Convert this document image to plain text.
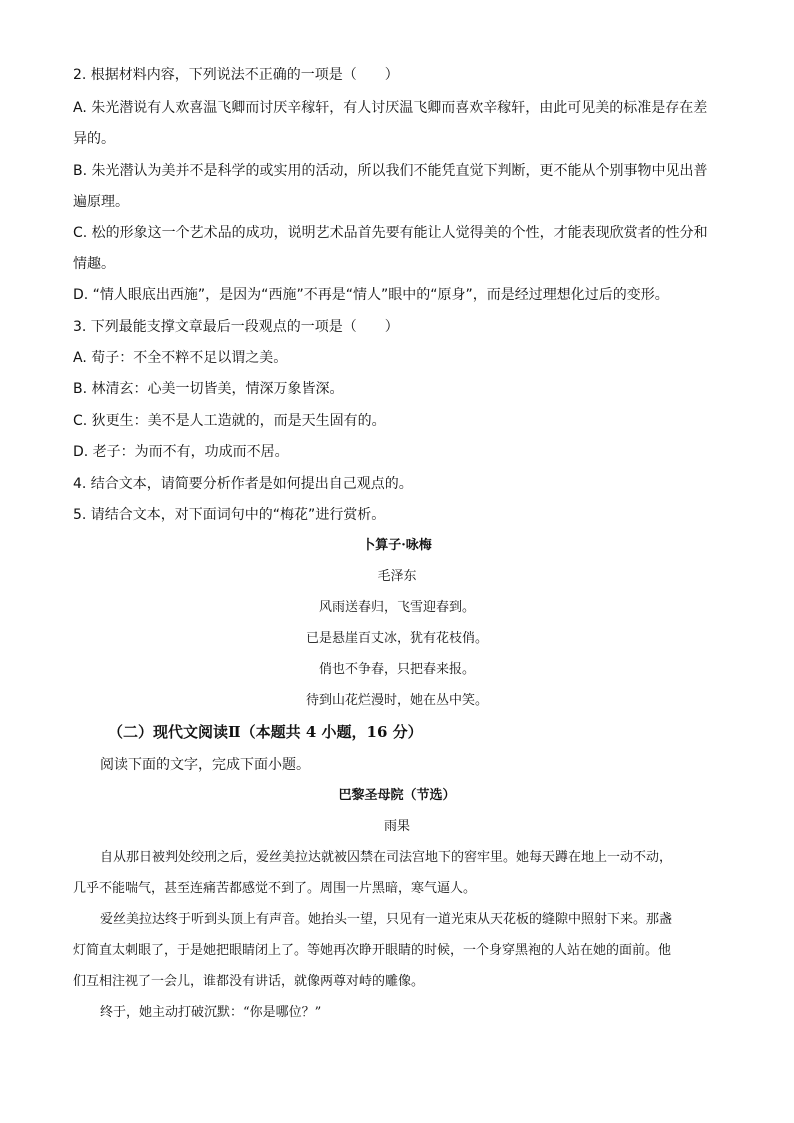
2. 根据材料内容，下列说法不正确的一项是（　　）
A. 朱光潜说有人欢喜温飞卿而讨厌辛稼轩，有人讨厌温飞卿而喜欢辛稼轩，由此可见美的标准是存在差
异的。
B. 朱光潜认为美并不是科学的或实用的活动，所以我们不能凭直觉下判断，更不能从个别事物中见出普
遍原理。
C. 松的形象这一个艺术品的成功，说明艺术品首先要有能让人觉得美的个性，才能表现欣赏者的性分和
情趣。
D. “情人眼底出西施”，是因为“西施”不再是“情人”眼中的“原身”，而是经过理想化过后的变形。
3. 下列最能支撑文章最后一段观点的一项是（　　）
A. 荀子：不全不粹不足以谓之美。
B. 林清玄：心美一切皆美，情深万象皆深。
C. 狄更生：美不是人工造就的，而是天生固有的。
D. 老子：为而不有，功成而不居。
4. 结合文本，请简要分析作者是如何提出自己观点的。
5. 请结合文本，对下面词句中的“梅花”进行赏析。
卜算子·咏梅
毛泽东
风雨送春归，飞雪迎春到。
已是悬崖百丈冰，犹有花枝俏。
俏也不争春，只把春来报。
待到山花烂漫时，她在丛中笑。
（二）现代文阅读Ⅱ（本题共 4 小题，16 分）
阅读下面的文字，完成下面小题。
巴黎圣母院（节选）
雨果
自从那日被判处绞刑之后，爱丝美拉达就被囚禁在司法宫地下的窖牢里。她每天蹲在地上一动不动，
几乎不能喘气，甚至连痛苦都感觉不到了。周围一片黑暗，寒气逼人。
爱丝美拉达终于听到头顶上有声音。她抬头一望，只见有一道光束从天花板的缝隙中照射下来。那盏
灯简直太刺眼了，于是她把眼睛闭上了。等她再次睁开眼睛的时候，一个身穿黑袍的人站在她的面前。他
们互相注视了一会儿，谁都没有讲话，就像两尊对峙的雕像。
终于，她主动打破沉默：“你是哪位？”
